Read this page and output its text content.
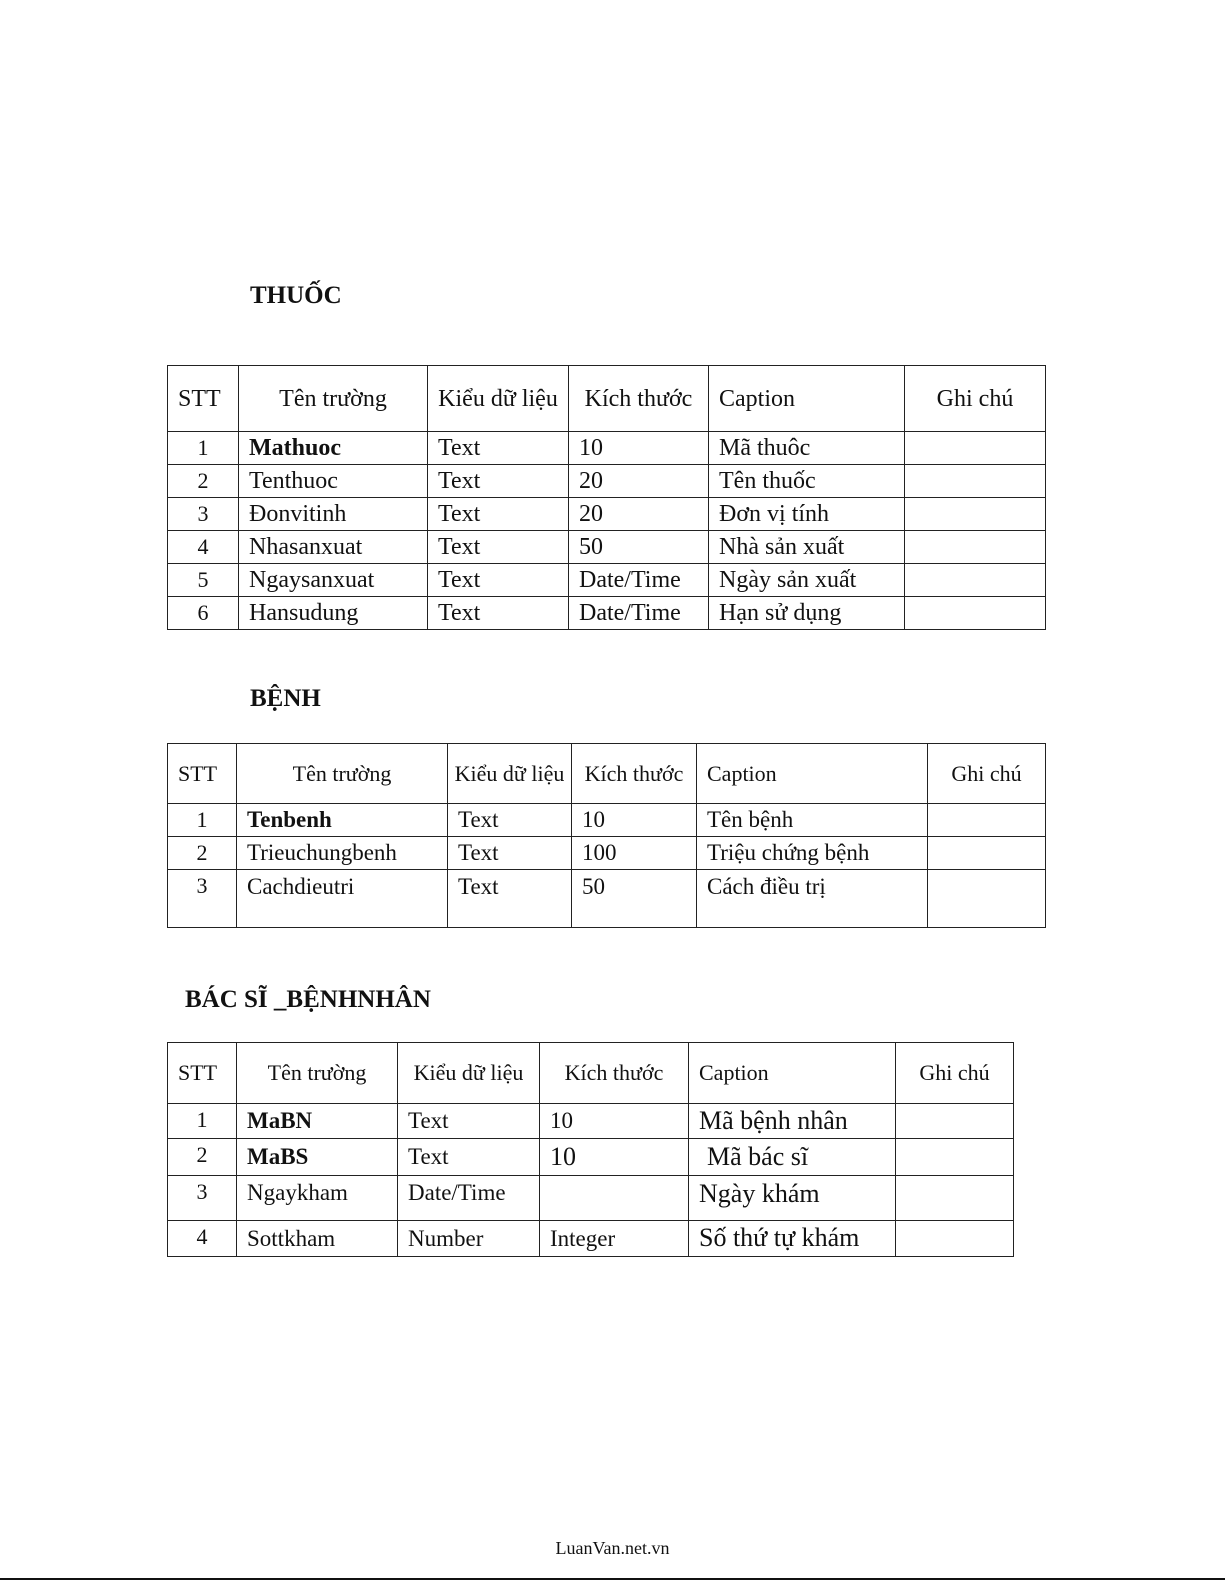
THUỐC
STT	Tên trường	Kiểu dữ liệu	Kích thước	Caption	Ghi chú
1	Mathuoc	Text	10	Mã thuôc	
2	Tenthuoc	Text	20	Tên thuốc	
3	Đonvitinh	Text	20	Đơn vị tính	
4	Nhasanxuat	Text	50	Nhà sản xuất	
5	Ngaysanxuat	Text	Date/Time	Ngày sản xuất	
6	Hansudung	Text	Date/Time	Hạn sử dụng	
BỆNH
STT	Tên trường	Kiểu dữ liệu	Kích thước	Caption	Ghi chú
1	Tenbenh	Text	10	Tên bệnh	
2	Trieuchungbenh	Text	100	Triệu chứng bệnh	
3	Cachdieutri	Text	50	Cách điều trị	
BÁC SĨ _BỆNHNHÂN
STT	Tên trường	Kiểu dữ liệu	Kích thước	Caption	Ghi chú
1	MaBN	Text	10	Mã bệnh nhân	
2	MaBS	Text	10	Mã bác sĩ	
3	Ngaykham	Date/Time		Ngày khám	
4	Sottkham	Number	Integer	Số thứ tự khám	
LuanVan.net.vn
